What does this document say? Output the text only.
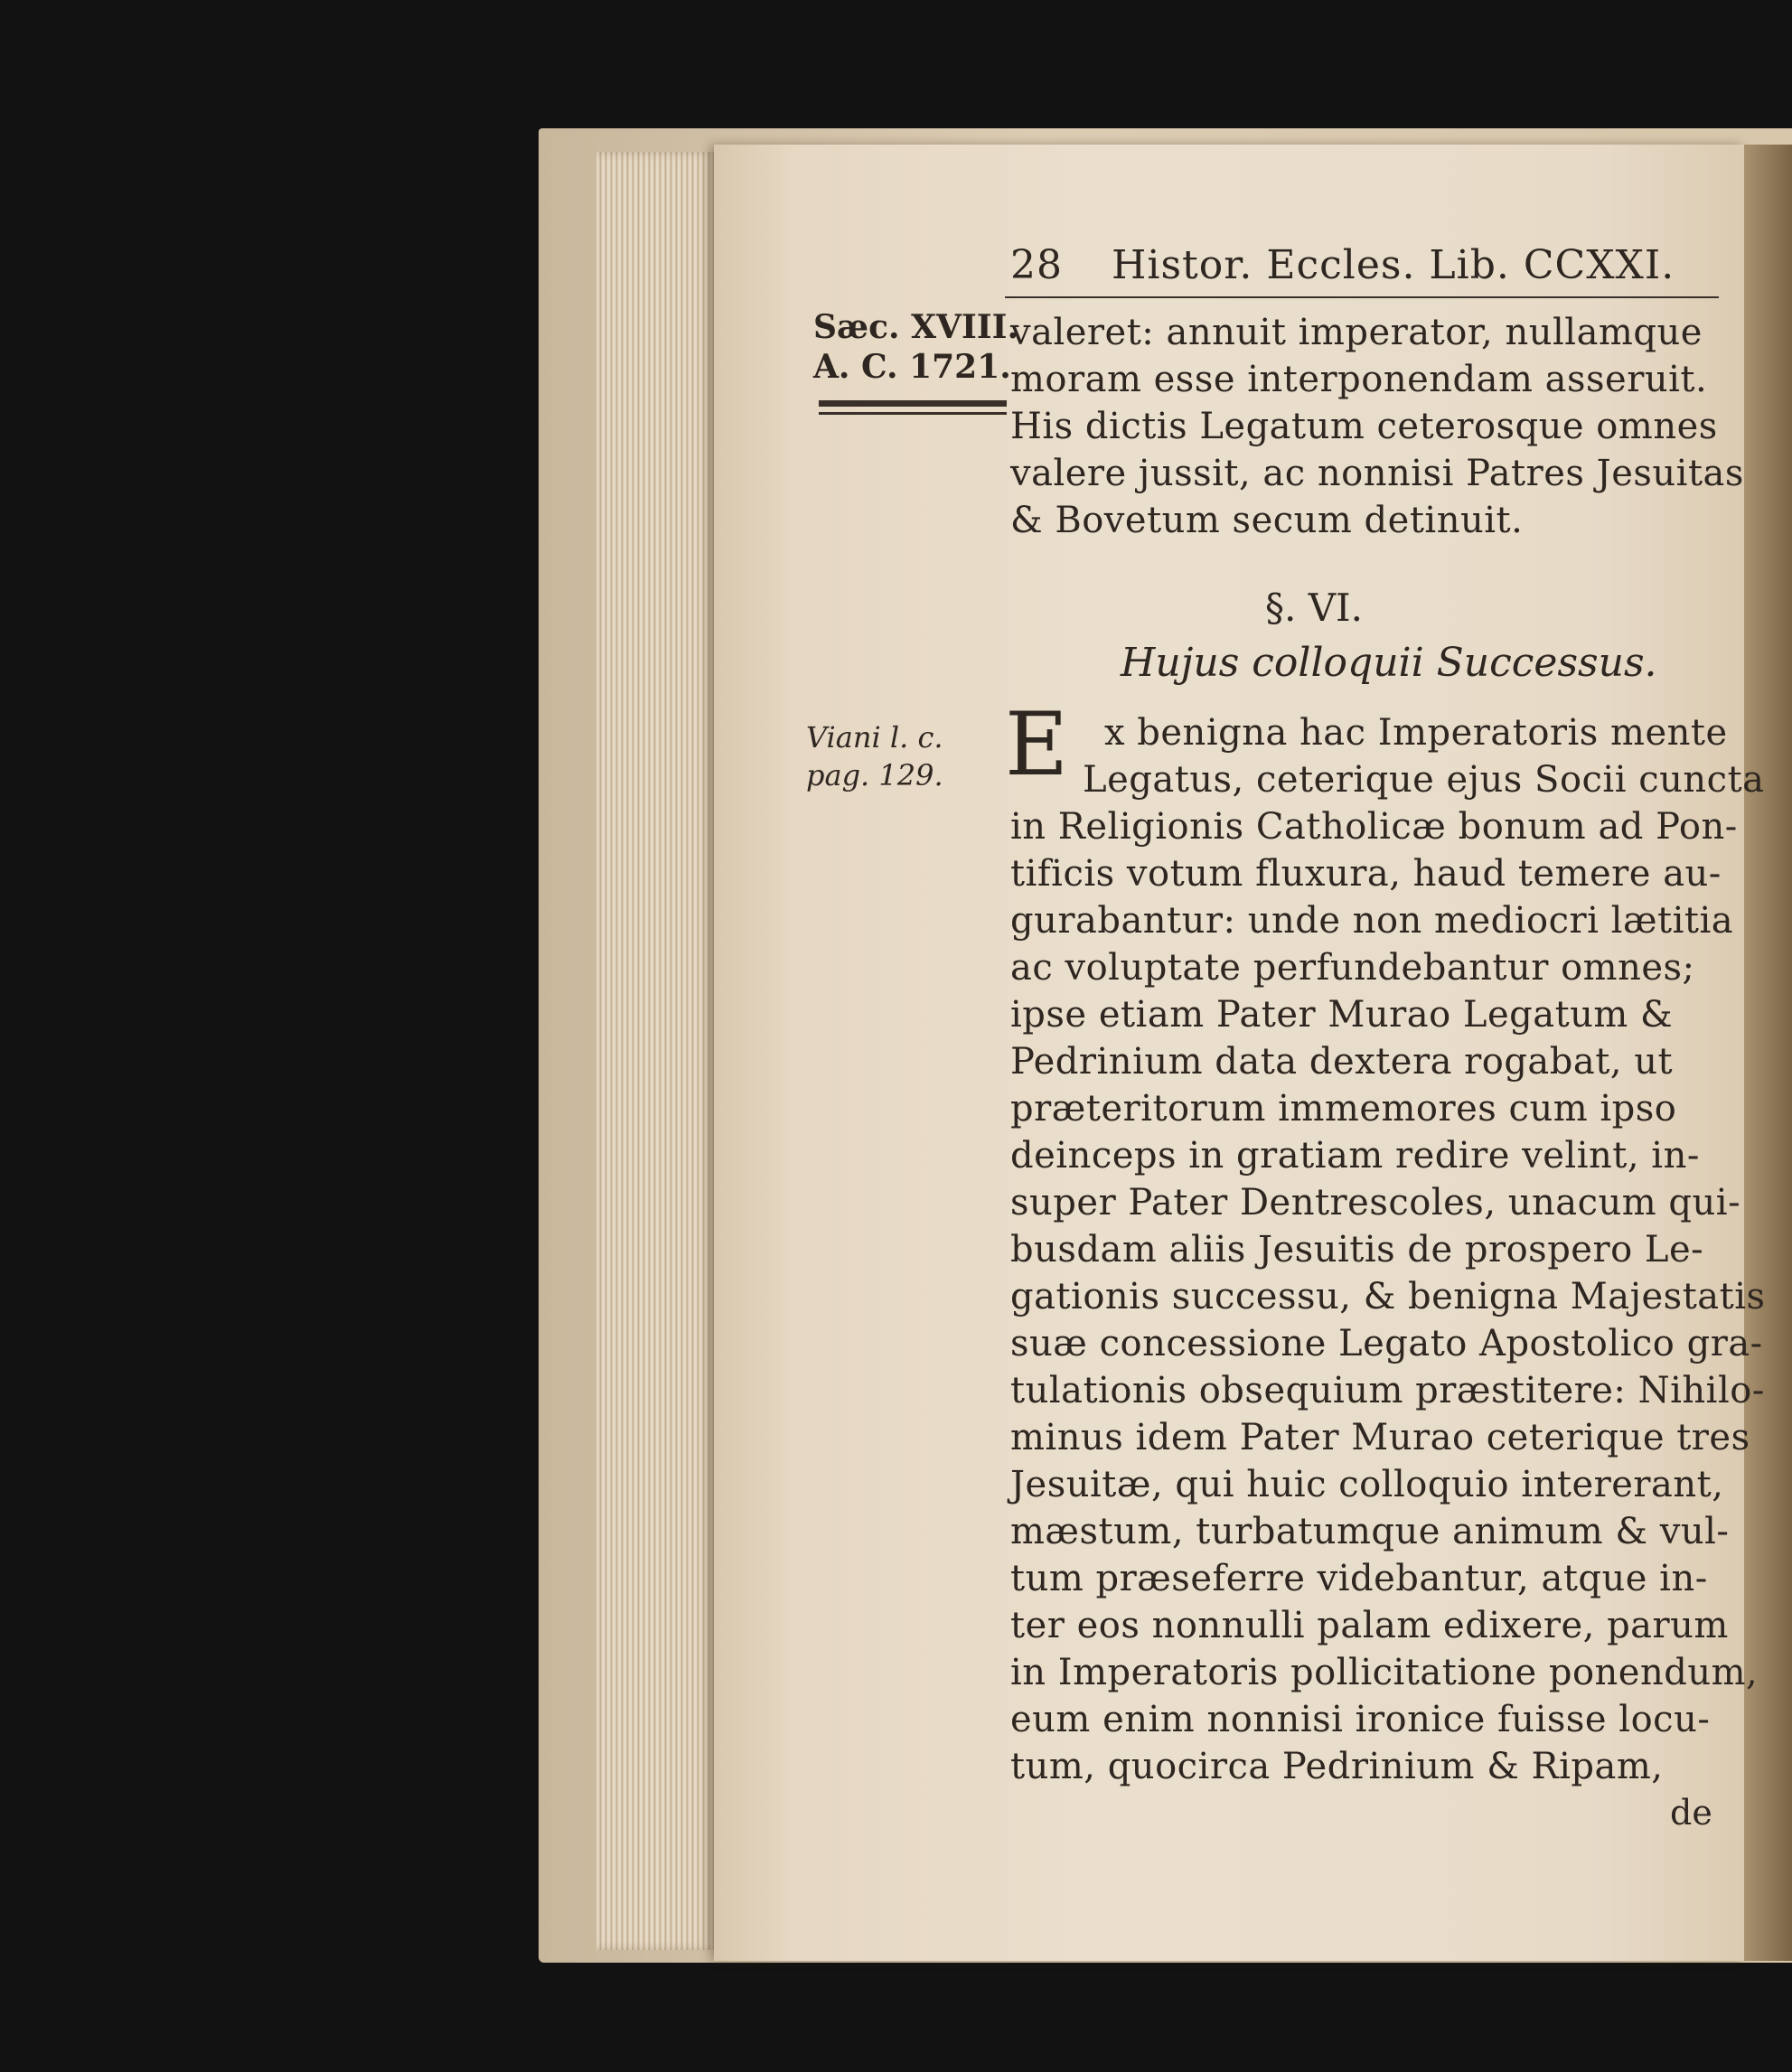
28 Histor. Eccles. Lib. CCXXI.
Sæc. XVIII.
A. C. 1721.
valeret: annuit imperator, nullamque
moram esse interponendam asseruit.
His dictis Legatum ceterosque omnes
valere jussit, ac nonnisi Patres Jesuitas
& Bovetum secum detinuit.
§. VI.
Hujus colloquii Successus.
Viani l. c.
pag. 129. E x benigna hac Imperatoris mente
Legatus, ceterique ejus Socii cuncta
in Religionis Catholicæ bonum ad Pon-
tificis votum fluxura, haud temere au-
gurabantur: unde non mediocri lætitia
ac voluptate perfundebantur omnes;
ipse etiam Pater Murao Legatum &
Pedrinium data dextera rogabat, ut
præteritorum immemores cum ipso
deinceps in gratiam redire velint, in-
super Pater Dentrescoles, unacum qui-
busdam aliis Jesuitis de prospero Le-
gationis successu, & benigna Majestatis
suæ concessione Legato Apostolico gra-
tulationis obsequium præstitere: Nihilo-
minus idem Pater Murao ceterique tres
Jesuitæ, qui huic colloquio intererant,
mæstum, turbatumque animum & vul-
tum præseferre videbantur, atque in-
ter eos nonnulli palam edixere, parum
in Imperatoris pollicitatione ponendum,
eum enim nonnisi ironice fuisse locu-
tum, quocirca Pedrinium & Ripam,
de
